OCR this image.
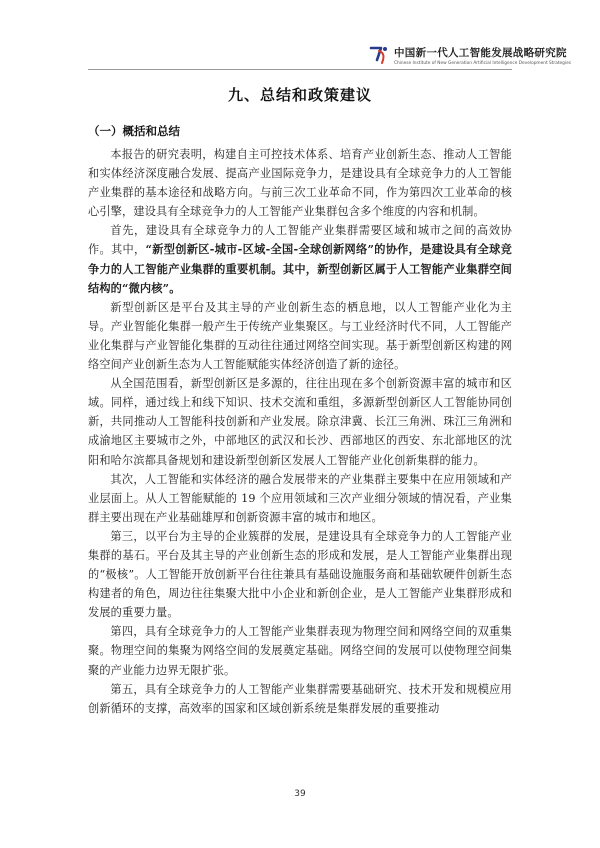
中国新一代人工智能发展战略研究院
Chinese Institute of New Generation Artificial Intelligence Development Strategies
九、总结和政策建议
（一）概括和总结

本报告的研究表明，构建自主可控技术体系、培育产业创新生态、推动人工智能和实体经济深度融合发展、提高产业国际竞争力，是建设具有全球竞争力的人工智能产业集群的基本途径和战略方向。与前三次工业革命不同，作为第四次工业革命的核心引擎，建设具有全球竞争力的人工智能产业集群包含多个维度的内容和机制。

首先，建设具有全球竞争力的人工智能产业集群需要区域和城市之间的高效协作。其中，“新型创新区-城市-区域-全国-全球创新网络”的协作，是建设具有全球竞争力的人工智能产业集群的重要机制。其中，新型创新区属于人工智能产业集群空间结构的“微内核”。

新型创新区是平台及其主导的产业创新生态的栖息地，以人工智能产业化为主导。产业智能化集群一般产生于传统产业集聚区。与工业经济时代不同，人工智能产业化集群与产业智能化集群的互动往往通过网络空间实现。基于新型创新区构建的网络空间产业创新生态为人工智能赋能实体经济创造了新的途径。

从全国范围看，新型创新区是多源的，往往出现在多个创新资源丰富的城市和区域。同样，通过线上和线下知识、技术交流和重组，多源新型创新区人工智能协同创新，共同推动人工智能科技创新和产业发展。除京津冀、长江三角洲、珠江三角洲和成渝地区主要城市之外，中部地区的武汉和长沙、西部地区的西安、东北部地区的沈阳和哈尔滨都具备规划和建设新型创新区发展人工智能产业化创新集群的能力。

其次，人工智能和实体经济的融合发展带来的产业集群主要集中在应用领域和产业层面上。从人工智能赋能的 19 个应用领域和三次产业细分领域的情况看，产业集群主要出现在产业基础雄厚和创新资源丰富的城市和地区。

第三，以平台为主导的企业簇群的发展，是建设具有全球竞争力的人工智能产业集群的基石。平台及其主导的产业创新生态的形成和发展，是人工智能产业集群出现的“极核”。人工智能开放创新平台往往兼具有基础设施服务商和基础软硬件创新生态构建者的角色，周边往往集聚大批中小企业和新创企业，是人工智能产业集群形成和发展的重要力量。

第四，具有全球竞争力的人工智能产业集群表现为物理空间和网络空间的双重集聚。物理空间的集聚为网络空间的发展奠定基础。网络空间的发展可以使物理空间集聚的产业能力边界无限扩张。

第五，具有全球竞争力的人工智能产业集群需要基础研究、技术开发和规模应用创新循环的支撑，高效率的国家和区域创新系统是集群发展的重要推动

39
